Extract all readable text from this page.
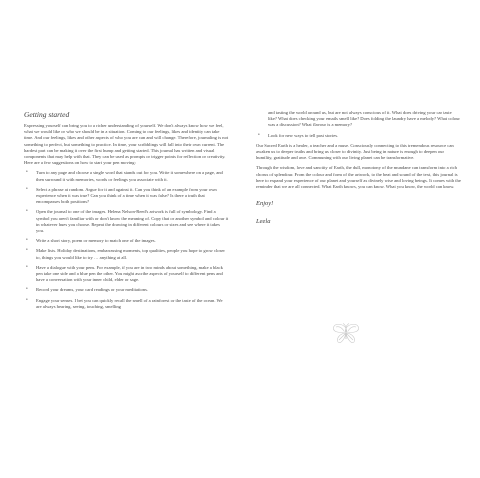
Getting started

Expressing yourself can bring you to a richer understanding of yourself. We don't always know how we feel, what we would like or who we should be in a situation. Coming to our feelings, likes and identity can take time. And our feelings, likes and other aspects of who you are can and will change. Therefore, journaling is not something to perfect, but something to practice. In time, your scribblings will fall into their own current. The hardest part can be making it over the first hump and getting started. This journal has written and visual components that may help with that. They can be used as prompts or trigger points for reflection or creativity. Here are a few suggestions on how to start your pen moving:

• Turn to any page and choose a single word that stands out for you. Write it somewhere on a page, and then surround it with memories, words or feelings you associate with it.
• Select a phrase at random. Argue for it and against it. Can you think of an example from your own experience when it was true? Can you think of a time when it was false? Is there a truth that encompasses both positions?
• Open the journal to one of the images. Helena Nelson-Reed's artwork is full of symbology. Find a symbol you aren't familiar with or don't know the meaning of. Copy that or another symbol and colour it in whatever hues you choose. Repeat the drawing in different colours or sizes and see where it takes you.
• Write a short story, poem or memory to match one of the images.
• Make lists. Holiday destinations, embarrassing moments, top qualities, people you hope to grow closer to, things you would like to try … anything at all.
• Have a dialogue with your pens. For example, if you are in two minds about something, make a black pen take one side and a blue pen the other. You might ascribe aspects of yourself to different pens and have a conversation with your inner child, elder or sage.
• Record your dreams, your card readings or your meditations.
• Engage your senses. I bet you can quickly recall the smell of a rainforest or the taste of the ocean. We are always hearing, seeing, touching, smelling
and tasting the world around us, but are not always conscious of it. What does driving your car taste like? What does checking your emails smell like? Does folding the laundry have a melody? What colour was a discussion? What flavour is a memory?
• Look for new ways to tell past stories.

Our Sacred Earth is a healer, a teacher and a muse. Consciously connecting to this tremendous resource can awaken us to deeper truths and bring us closer to divinity. Just being in nature is enough to deepen our humility, gratitude and awe. Communing with our living planet can be transformative.

Through the wisdom, love and sanctity of Earth, the dull, monotony of the mundane can transform into a rich chorus of splendour. From the colour and form of the artwork, to the beat and sound of the text, this journal is here to expand your experience of our planet and yourself as divinely wise and loving beings. It comes with the reminder that we are all connected. What Earth knows, you can know. What you know, the world can know.

Enjoy!
Leela
